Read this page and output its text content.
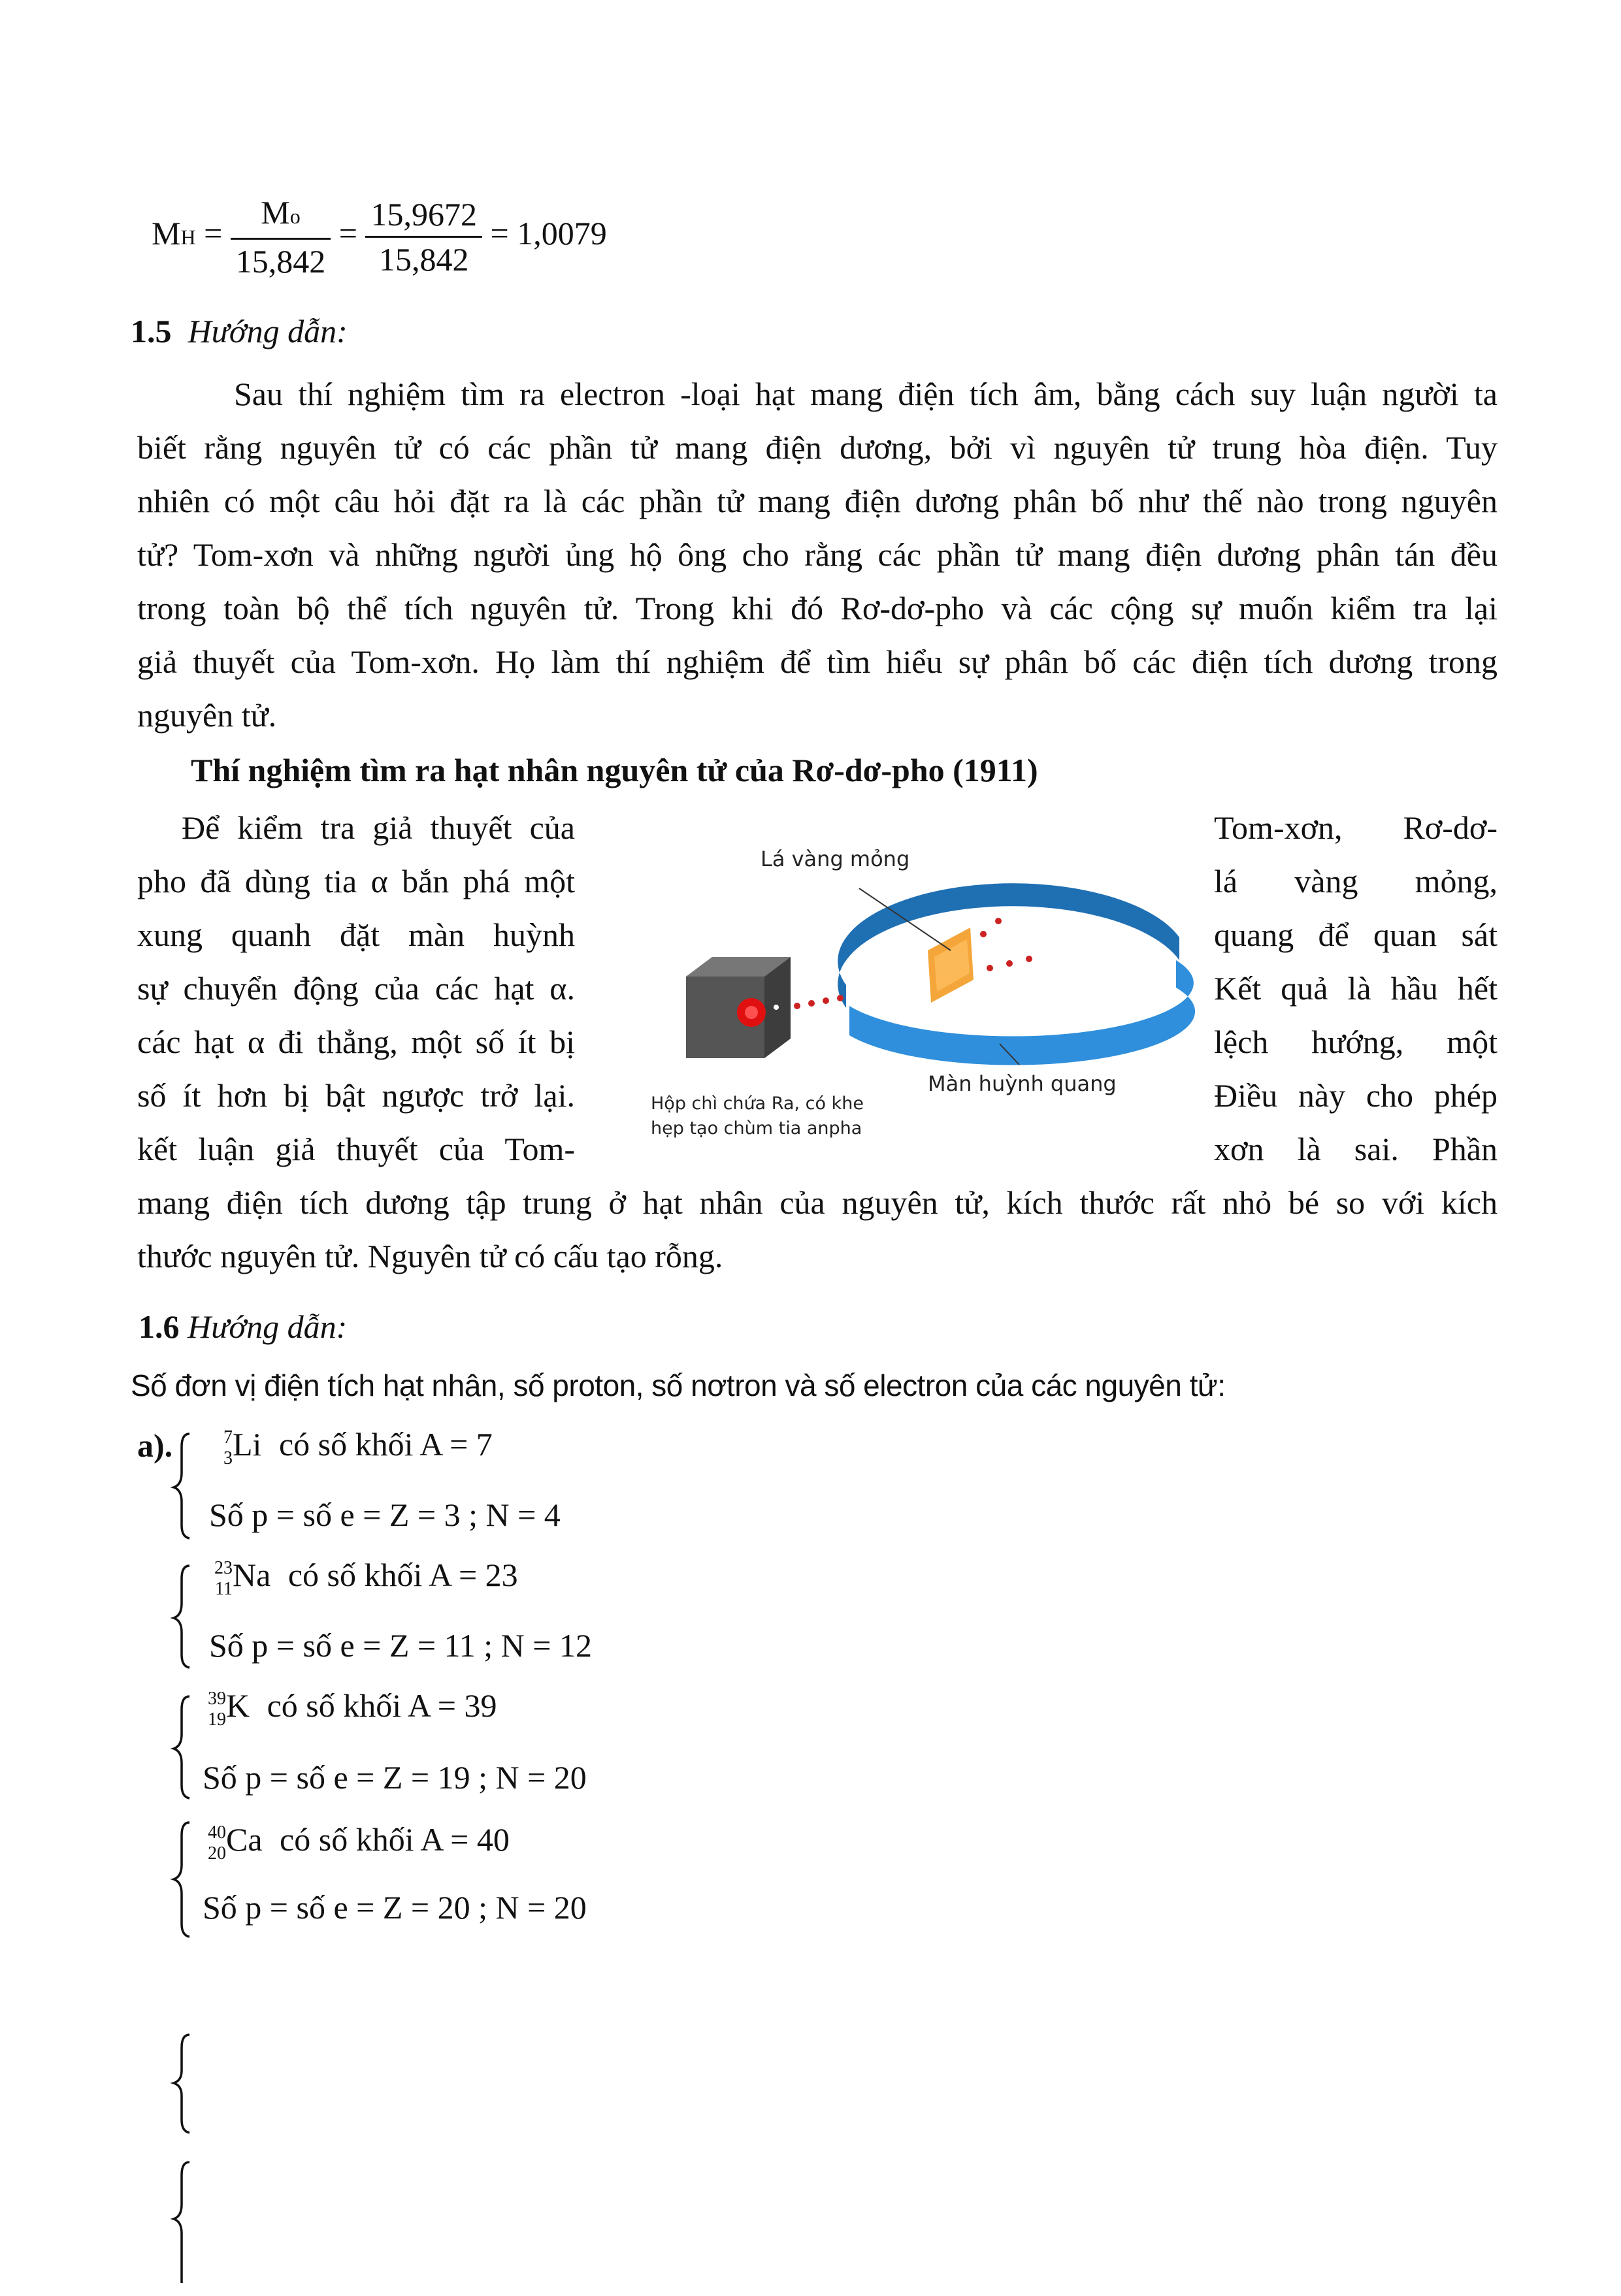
MH = $\frac{Mo}{15,842} = \frac{15,9672}{15,842} = 1,0079$
1.5 Hướng dẫn:
Sau thí nghiệm tìm ra electron -loại hạt mang điện tích âm, bằng cách suy luận người ta
biết rằng nguyên tử có các phần tử mang điện dương, bởi vì nguyên tử trung hòa điện. Tuy
nhiên có một câu hỏi đặt ra là các phần tử mang điện dương phân bố như thế nào trong nguyên
tử? Tom-xơn và những người ủng hộ ông cho rằng các phần tử mang điện dương phân tán đều
trong toàn bộ thể tích nguyên tử. Trong khi đó Rơ-dơ-pho và các cộng sự muốn kiểm tra lại
giả thuyết của Tom-xơn. Họ làm thí nghiệm để tìm hiểu sự phân bố các điện tích dương trong
nguyên tử.
Thí nghiệm tìm ra hạt nhân nguyên tử của Rơ-dơ-pho (1911)
Để kiểm tra giả thuyết của
pho đã dùng tia α bắn phá một
xung quanh đặt màn huỳnh
sự chuyển động của các hạt α.
các hạt α đi thẳng, một số ít bị
số ít hơn bị bật ngược trở lại.
kết luận giả thuyết của Tom-
Tom-xơn, Rơ-dơ-
lá vàng mỏng,
quang để quan sát
Kết quả là hầu hết
lệch hướng, một
Điều này cho phép
xơn là sai. Phần
Lá vàng mỏng
Màn huỳnh quang
Hộp chì chứa Ra, có khe
hẹp tạo chùm tia anpha
mang điện tích dương tập trung ở hạt nhân của nguyên tử, kích thước rất nhỏ bé so với kích
thước nguyên tử. Nguyên tử có cấu tạo rỗng.
1.6 Hướng dẫn:
Số đơn vị điện tích hạt nhân, số proton, số nơtron và số electron của các nguyên tử:
a).	7
3 Li có số khối A = 7
Số p = số e = Z = 3 ; N = 4
23
11 Na có số khối A = 23
Số p = số e = Z = 11 ; N = 12
39
19 K có số khối A = 39
Số p = số e = Z = 19 ; N = 20
40
20 Ca có số khối A = 40
Số p = số e = Z = 20 ; N = 20
